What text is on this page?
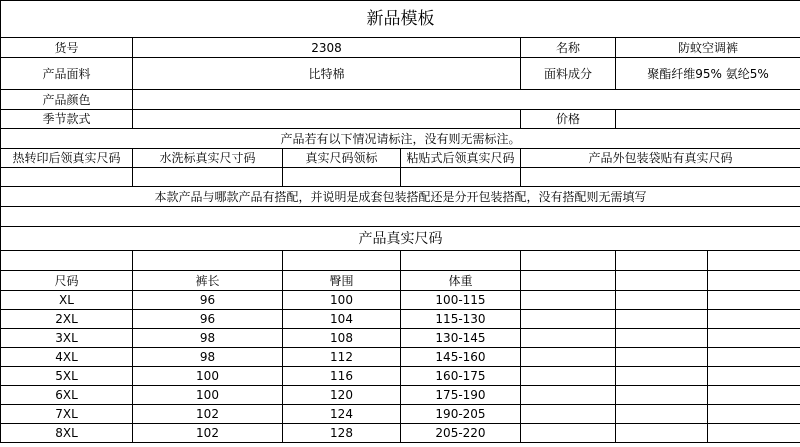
新品模板						
货号	2308			名称	防蚊空调裤	
产品面料	比特棉			面料成分	聚酯纤维95% 氨纶5%	
产品颜色						
季节款式				价格		
产品若有以下情况请标注，没有则无需标注。						
热转印后领真实尺码	水洗标真实尺寸码	真实尺码领标	粘贴式后领真实尺码	产品外包装袋贴有真实尺码		

本款产品与哪款产品有搭配，并说明是成套包装搭配还是分开包装搭配，没有搭配则无需填写						

产品真实尺码						

尺码	裤长	臀围	体重			
XL	96	100	100-115			
2XL	96	104	115-130			
3XL	98	108	130-145			
4XL	98	112	145-160			
5XL	100	116	160-175			
6XL	100	120	175-190			
7XL	102	124	190-205			
8XL	102	128	205-220			
